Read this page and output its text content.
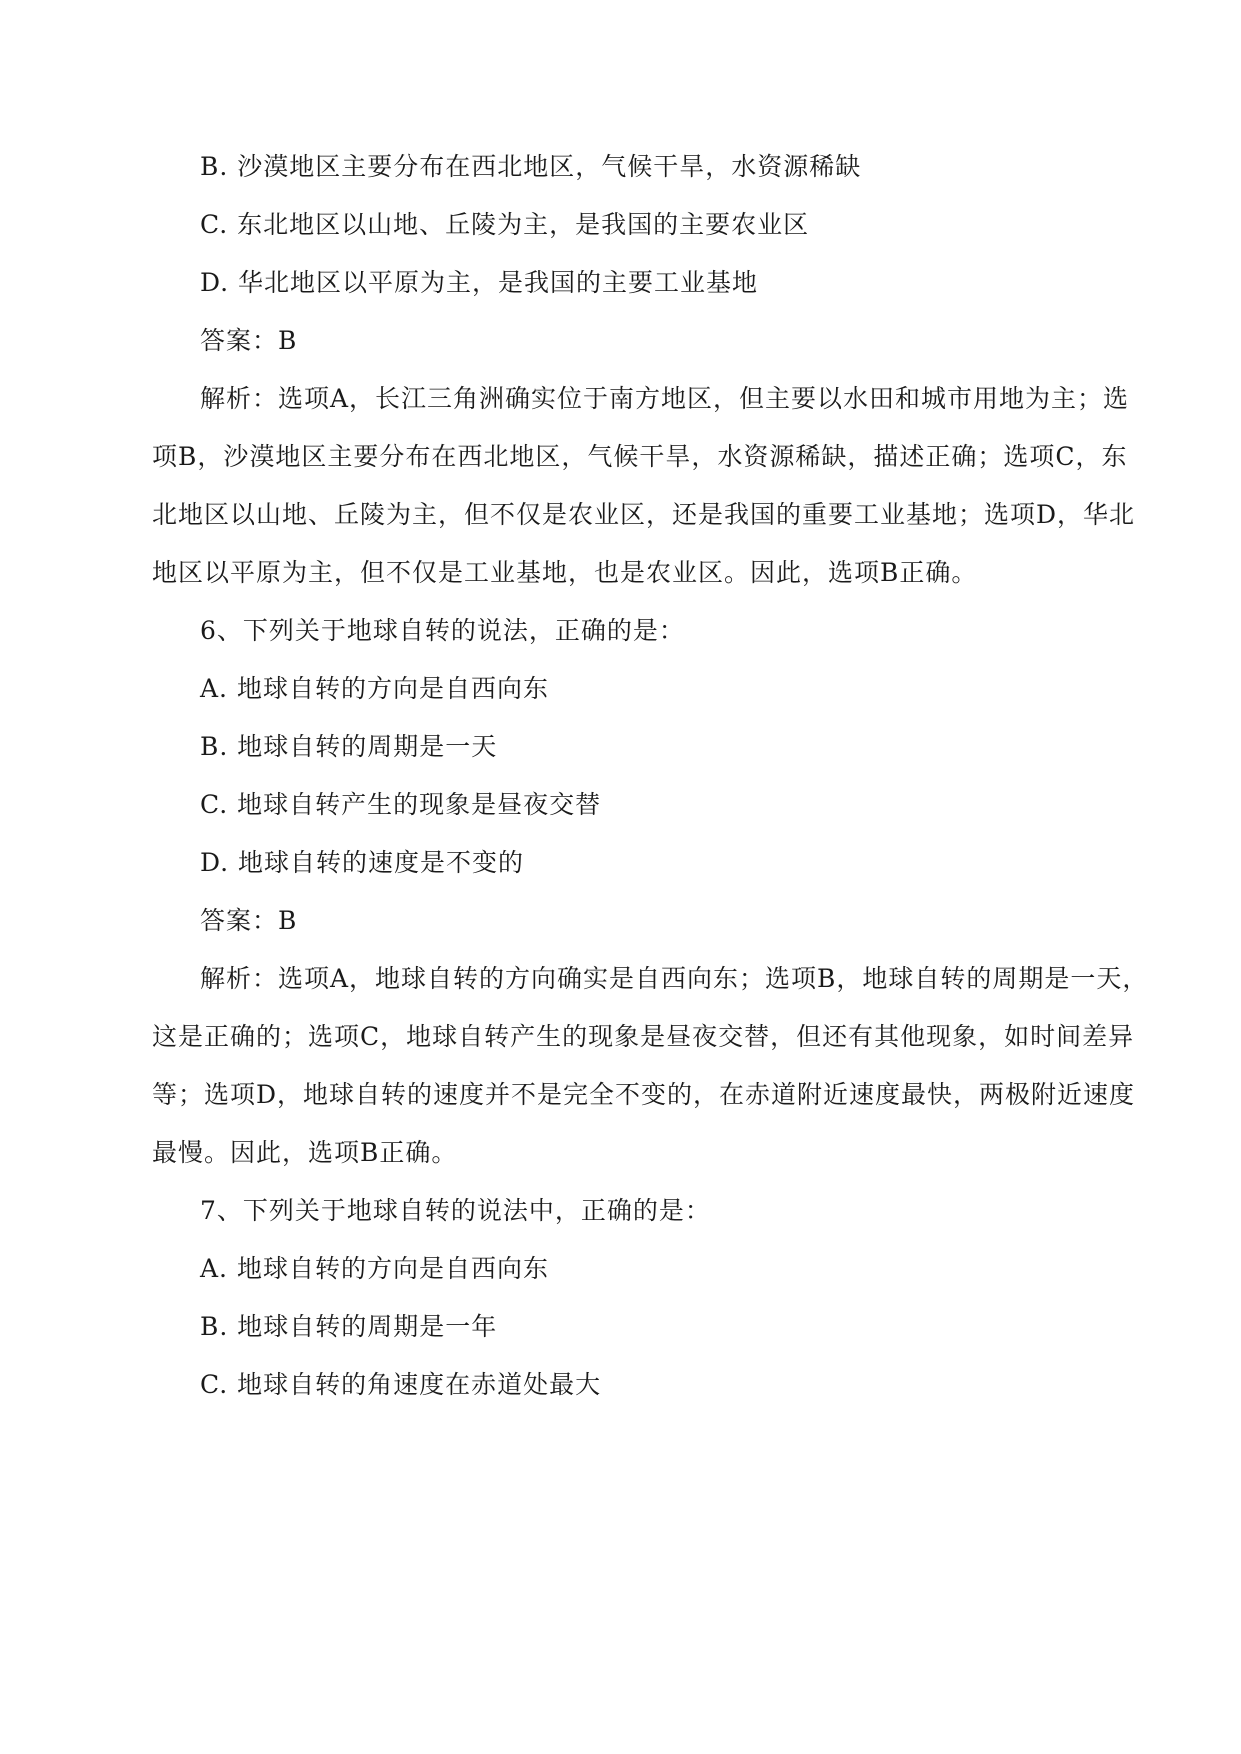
B. 沙漠地区主要分布在西北地区，气候干旱，水资源稀缺
C. 东北地区以山地、丘陵为主，是我国的主要农业区
D. 华北地区以平原为主，是我国的主要工业基地
答案：B
解析：选项A，长江三角洲确实位于南方地区，但主要以水田和城市用地为主；选
项B，沙漠地区主要分布在西北地区，气候干旱，水资源稀缺，描述正确；选项C，东
北地区以山地、丘陵为主，但不仅是农业区，还是我国的重要工业基地；选项D，华北
地区以平原为主，但不仅是工业基地，也是农业区。因此，选项B正确。
6、下列关于地球自转的说法，正确的是：
A. 地球自转的方向是自西向东
B. 地球自转的周期是一天
C. 地球自转产生的现象是昼夜交替
D. 地球自转的速度是不变的
答案：B
解析：选项A，地球自转的方向确实是自西向东；选项B，地球自转的周期是一天，
这是正确的；选项C，地球自转产生的现象是昼夜交替，但还有其他现象，如时间差异
等；选项D，地球自转的速度并不是完全不变的，在赤道附近速度最快，两极附近速度
最慢。因此，选项B正确。
7、下列关于地球自转的说法中，正确的是：
A. 地球自转的方向是自西向东
B. 地球自转的周期是一年
C. 地球自转的角速度在赤道处最大
